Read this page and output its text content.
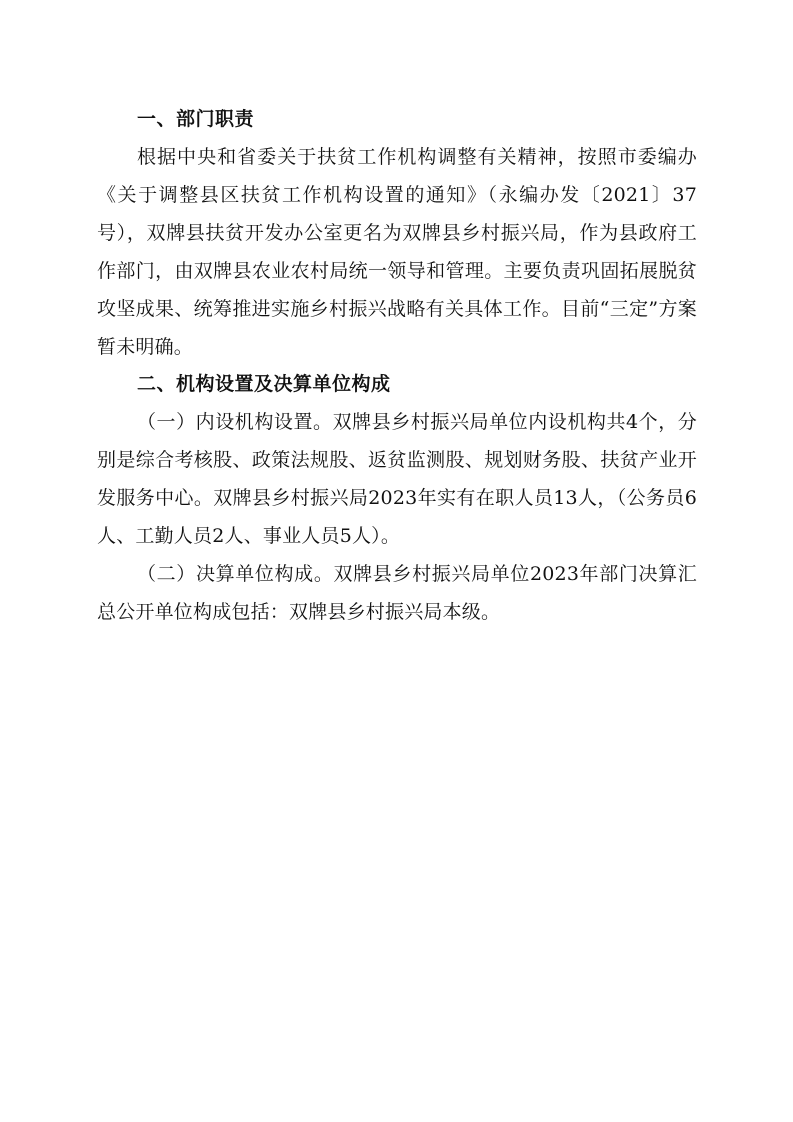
一、部门职责

根据中央和省委关于扶贫工作机构调整有关精神，按照市委编办《关于调整县区扶贫工作机构设置的通知》（永编办发〔2021〕37号），双牌县扶贫开发办公室更名为双牌县乡村振兴局，作为县政府工作部门，由双牌县农业农村局统一领导和管理。主要负责巩固拓展脱贫攻坚成果、统筹推进实施乡村振兴战略有关具体工作。目前“三定”方案暂未明确。

二、机构设置及决算单位构成

（一）内设机构设置。双牌县乡村振兴局单位内设机构共4个，分别是综合考核股、政策法规股、返贫监测股、规划财务股、扶贫产业开发服务中心。双牌县乡村振兴局2023年实有在职人员13人，（公务员6人、工勤人员2人、事业人员5人）。

（二）决算单位构成。双牌县乡村振兴局单位2023年部门决算汇总公开单位构成包括：双牌县乡村振兴局本级。
